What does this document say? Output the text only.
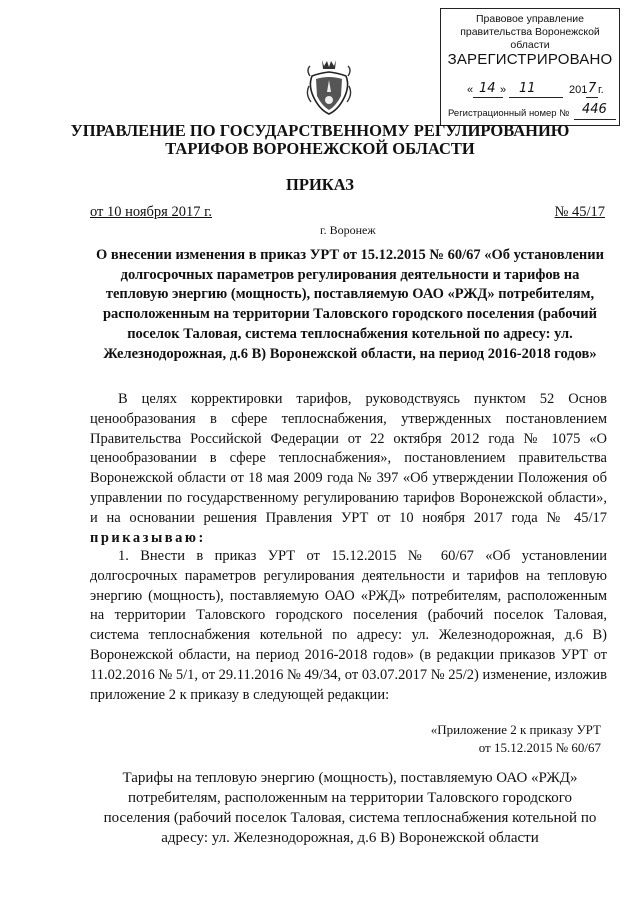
Правовое управление правительства Воронежской области
ЗАРЕГИСТРИРОВАНО
« 14 » 11	201 7 г.
Регистрационный номер № 446
УПРАВЛЕНИЕ ПО ГОСУДАРСТВЕННОМУ РЕГУЛИРОВАНИЮ
ТАРИФОВ ВОРОНЕЖСКОЙ ОБЛАСТИ
ПРИКАЗ
от 10 ноября 2017 г.	№ 45/17
г. Воронеж
О внесении изменения в приказ УРТ от 15.12.2015 № 60/67 «Об установлении долгосрочных параметров регулирования деятельности и тарифов на тепловую энергию (мощность), поставляемую ОАО «РЖД» потребителям, расположенным на территории Таловского городского поселения (рабочий поселок Таловая, система теплоснабжения котельной по адресу: ул. Железнодорожная, д.6 В) Воронежской области, на период 2016-2018 годов»
В целях корректировки тарифов, руководствуясь пунктом 52 Основ ценообразования в сфере теплоснабжения, утвержденных постановлением Правительства Российской Федерации от 22 октября 2012 года № 1075 «О ценообразовании в сфере теплоснабжения», постановлением правительства Воронежской области от 18 мая 2009 года № 397 «Об утверждении Положения об управлении по государственному регулированию тарифов Воронежской области», и на основании решения Правления УРТ от 10 ноября 2017 года № 45/17 приказываю:
1. Внести в приказ УРТ от 15.12.2015 № 60/67 «Об установлении долгосрочных параметров регулирования деятельности и тарифов на тепловую энергию (мощность), поставляемую ОАО «РЖД» потребителям, расположенным на территории Таловского городского поселения (рабочий поселок Таловая, система теплоснабжения котельной по адресу: ул. Железнодорожная, д.6 В) Воронежской области, на период 2016-2018 годов» (в редакции приказов УРТ от 11.02.2016 № 5/1, от 29.11.2016 № 49/34, от 03.07.2017 № 25/2) изменение, изложив приложение 2 к приказу в следующей редакции:
«Приложение 2 к приказу УРТ
от 15.12.2015 № 60/67
Тарифы на тепловую энергию (мощность), поставляемую ОАО «РЖД» потребителям, расположенным на территории Таловского городского поселения (рабочий поселок Таловая, система теплоснабжения котельной по адресу: ул. Железнодорожная, д.6 В) Воронежской области
